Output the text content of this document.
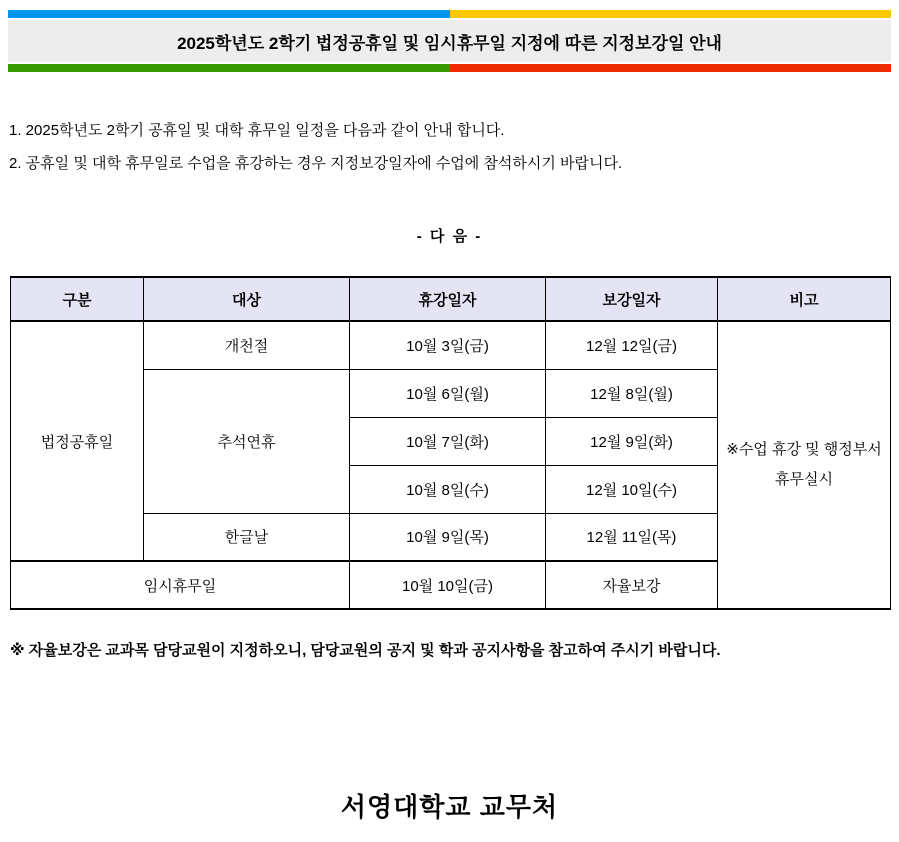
2025학년도 2학기 법정공휴일 및 임시휴무일 지정에 따른 지정보강일 안내
1. 2025학년도 2학기 공휴일 및 대학 휴무일 일정을 다음과 같이 안내 합니다.
2. 공휴일 및 대학 휴무일로 수업을 휴강하는 경우 지정보강일자에 수업에 참석하시기 바랍니다.
- 다 음 -
구분	대상	휴강일자	보강일자	비고
법정공휴일	개천절	10월 3일(금)	12월 12일(금)	※수업 휴강 및 행정부서
휴무실시

	추석연휴	10월 6일(월)	12월 8일(월)	
		10월 7일(화)	12월 9일(화)	
		10월 8일(수)	12월 10일(수)	
	한글날	10월 9일(목)	12월 11일(목)	
임시휴무일		10월 10일(금)	자율보강	
※ 자율보강은 교과목 담당교원이 지정하오니, 담당교원의 공지 및 학과 공지사항을 참고하여 주시기 바랍니다.
서영대학교 교무처
